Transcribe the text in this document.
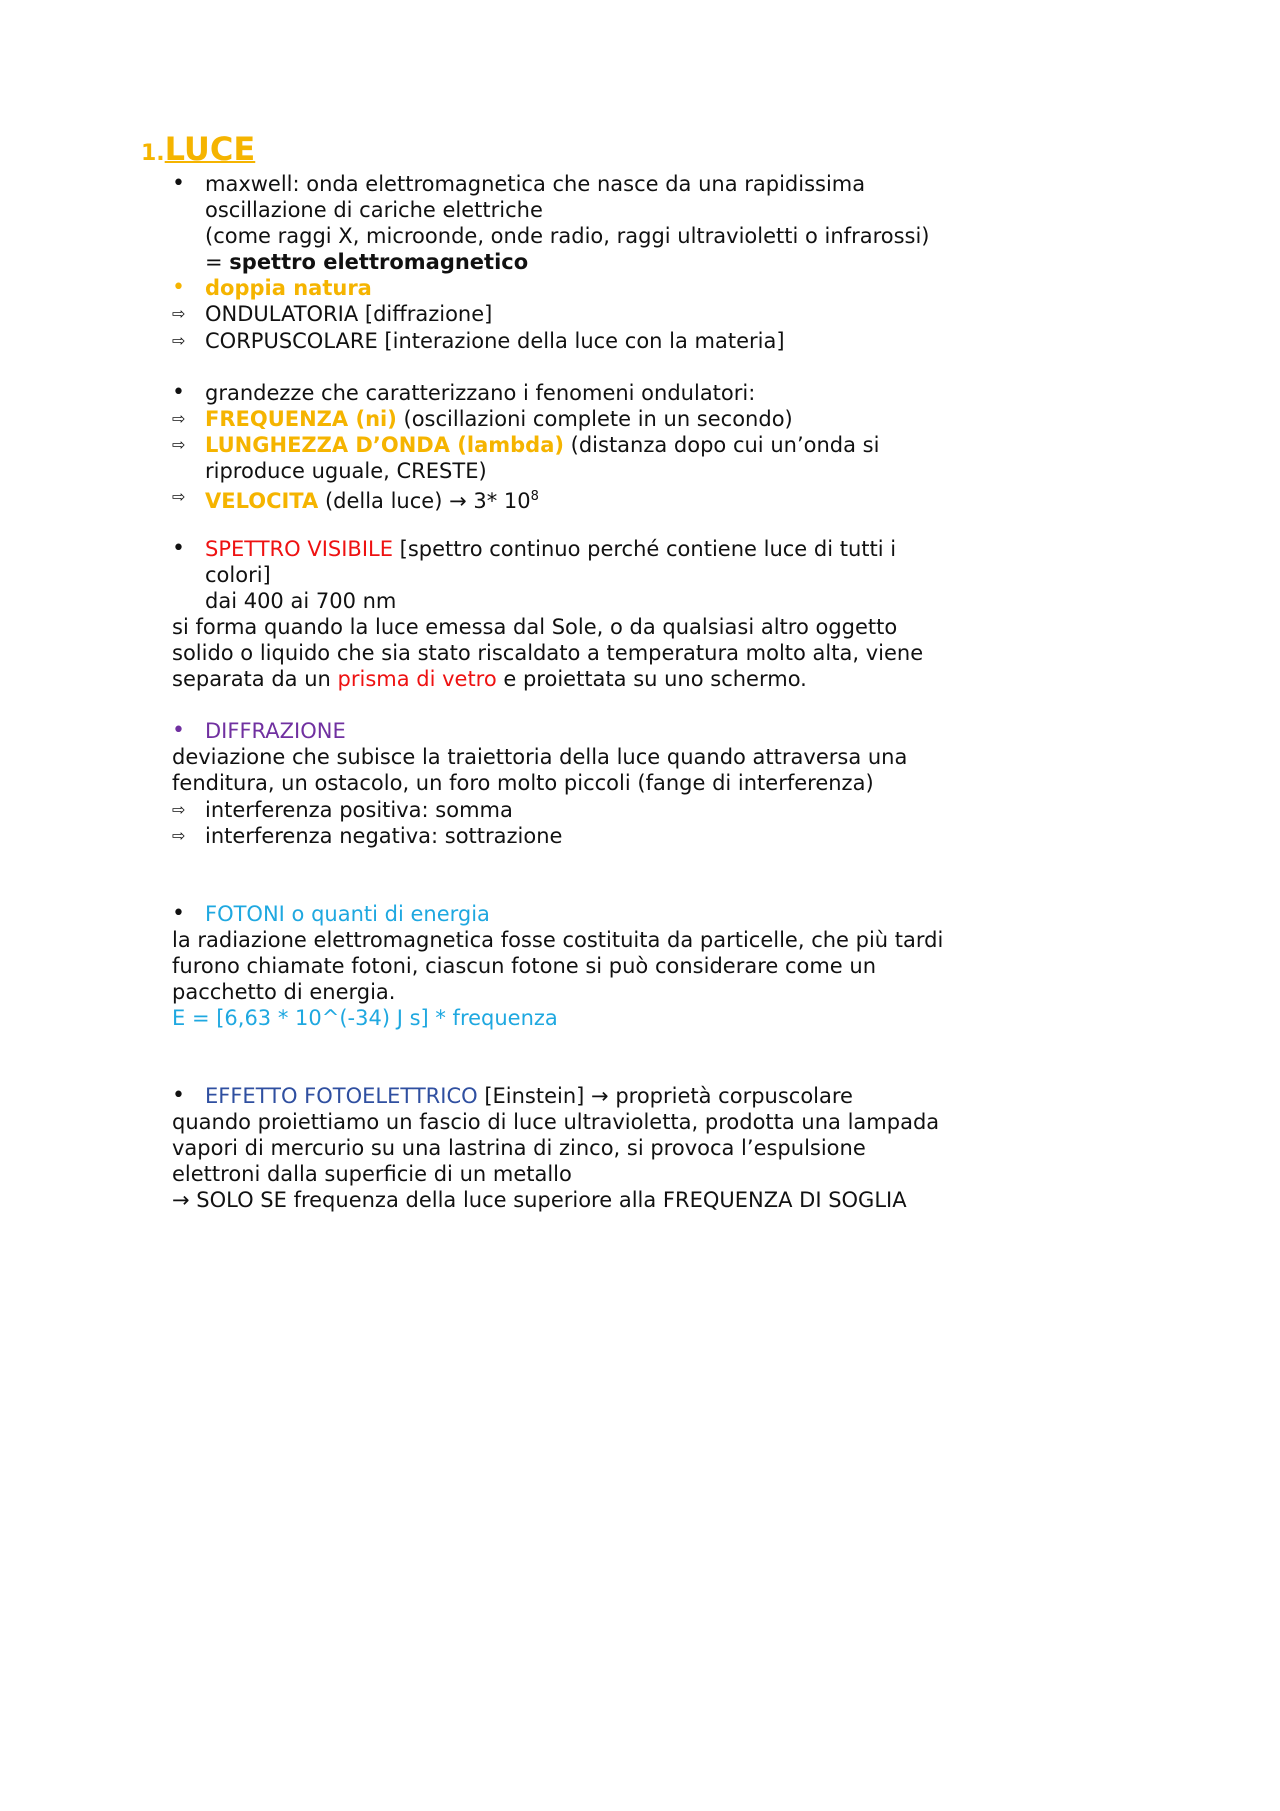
1.LUCE
• maxwell: onda elettromagnetica che nasce da una rapidissima
oscillazione di cariche elettriche
(come raggi X, microonde, onde radio, raggi ultravioletti o infrarossi)
= spettro elettromagnetico
• doppia natura
⇨ ONDULATORIA [diffrazione]
⇨ CORPUSCOLARE [interazione della luce con la materia]
• grandezze che caratterizzano i fenomeni ondulatori:
⇨ FREQUENZA (ni) (oscillazioni complete in un secondo)
⇨ LUNGHEZZA D’ONDA (lambda) (distanza dopo cui un’onda si
riproduce uguale, CRESTE)
⇨ VELOCITA (della luce) → 3* $10^8$
• SPETTRO VISIBILE [spettro continuo perché contiene luce di tutti i
colori]
dai 400 ai 700 nm
si forma quando la luce emessa dal Sole, o da qualsiasi altro oggetto
solido o liquido che sia stato riscaldato a temperatura molto alta, viene
separata da un prisma di vetro e proiettata su uno schermo.
• DIFFRAZIONE
deviazione che subisce la traiettoria della luce quando attraversa una
fenditura, un ostacolo, un foro molto piccoli (fange di interferenza)
⇨ interferenza positiva: somma
⇨ interferenza negativa: sottrazione
• FOTONI o quanti di energia
la radiazione elettromagnetica fosse costituita da particelle, che più tardi
furono chiamate fotoni, ciascun fotone si può considerare come un
pacchetto di energia.
E = [6,63 * 10^(-34) J s] * frequenza
• EFFETTO FOTOELETTRICO [Einstein] → proprietà corpuscolare
quando proiettiamo un fascio di luce ultravioletta, prodotta una lampada
vapori di mercurio su una lastrina di zinco, si provoca l’espulsione
elettroni dalla superficie di un metallo
→ SOLO SE frequenza della luce superiore alla FREQUENZA DI SOGLIA
